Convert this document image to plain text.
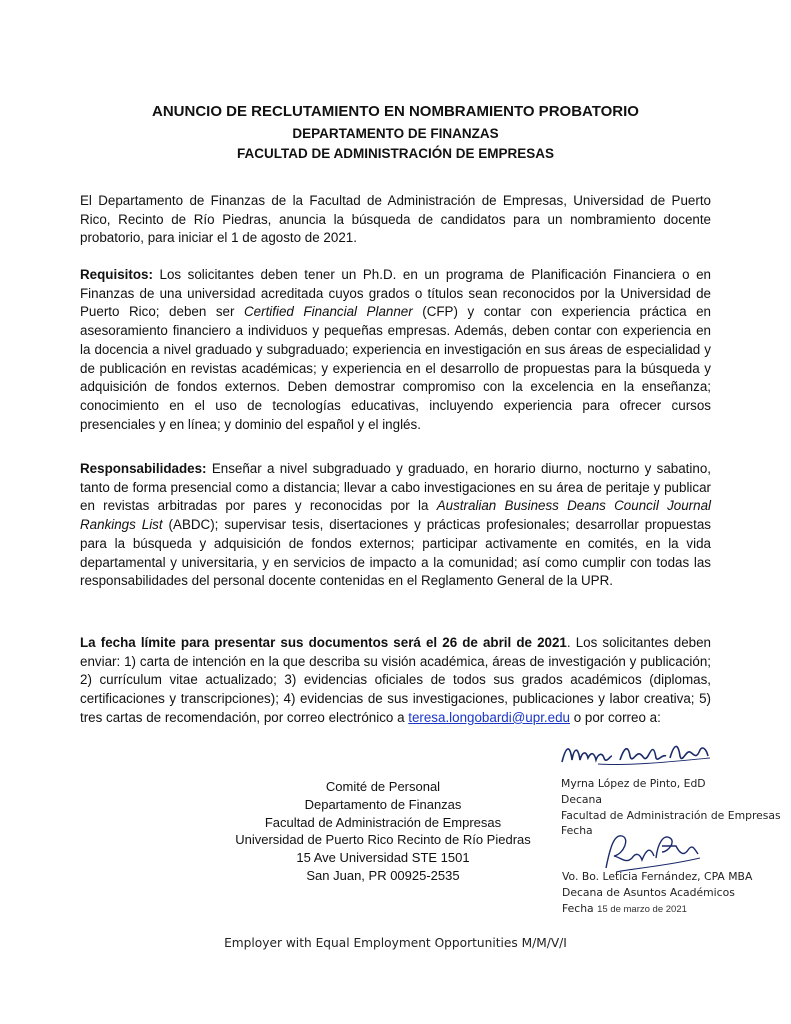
ANUNCIO DE RECLUTAMIENTO EN NOMBRAMIENTO PROBATORIO
DEPARTAMENTO DE FINANZAS
FACULTAD DE ADMINISTRACIÓN DE EMPRESAS

El Departamento de Finanzas de la Facultad de Administración de Empresas, Universidad de Puerto Rico, Recinto de Río Piedras, anuncia la búsqueda de candidatos para un nombramiento docente probatorio, para iniciar el 1 de agosto de 2021.

Requisitos: Los solicitantes deben tener un Ph.D. en un programa de Planificación Financiera o en Finanzas de una universidad acreditada cuyos grados o títulos sean reconocidos por la Universidad de Puerto Rico; deben ser Certified Financial Planner (CFP) y contar con experiencia práctica en asesoramiento financiero a individuos y pequeñas empresas. Además, deben contar con experiencia en la docencia a nivel graduado y subgraduado; experiencia en investigación en sus áreas de especialidad y de publicación en revistas académicas; y experiencia en el desarrollo de propuestas para la búsqueda y adquisición de fondos externos. Deben demostrar compromiso con la excelencia en la enseñanza; conocimiento en el uso de tecnologías educativas, incluyendo experiencia para ofrecer cursos presenciales y en línea; y dominio del español y el inglés.

Responsabilidades: Enseñar a nivel subgraduado y graduado, en horario diurno, nocturno y sabatino, tanto de forma presencial como a distancia; llevar a cabo investigaciones en su área de peritaje y publicar en revistas arbitradas por pares y reconocidas por la Australian Business Deans Council Journal Rankings List (ABDC); supervisar tesis, disertaciones y prácticas profesionales; desarrollar propuestas para la búsqueda y adquisición de fondos externos; participar activamente en comités, en la vida departamental y universitaria, y en servicios de impacto a la comunidad; así como cumplir con todas las responsabilidades del personal docente contenidas en el Reglamento General de la UPR.

La fecha límite para presentar sus documentos será el 26 de abril de 2021. Los solicitantes deben enviar: 1) carta de intención en la que describa su visión académica, áreas de investigación y publicación; 2) currículum vitae actualizado; 3) evidencias oficiales de todos sus grados académicos (diplomas, certificaciones y transcripciones); 4) evidencias de sus investigaciones, publicaciones y labor creativa; 5) tres cartas de recomendación, por correo electrónico a teresa.longobardi@upr.edu o por correo a:

Comité de Personal
Departamento de Finanzas
Facultad de Administración de Empresas
Universidad de Puerto Rico Recinto de Río Piedras
15 Ave Universidad STE 1501
San Juan, PR 00925-2535
Myrna López de Pinto, EdD
Decana
Facultad de Administración de Empresas
Fecha
Vo. Bo. Leticia Fernández, CPA MBA
Decana de Asuntos Académicos
Fecha 15 de marzo de 2021
Employer with Equal Employment Opportunities M/M/V/I
